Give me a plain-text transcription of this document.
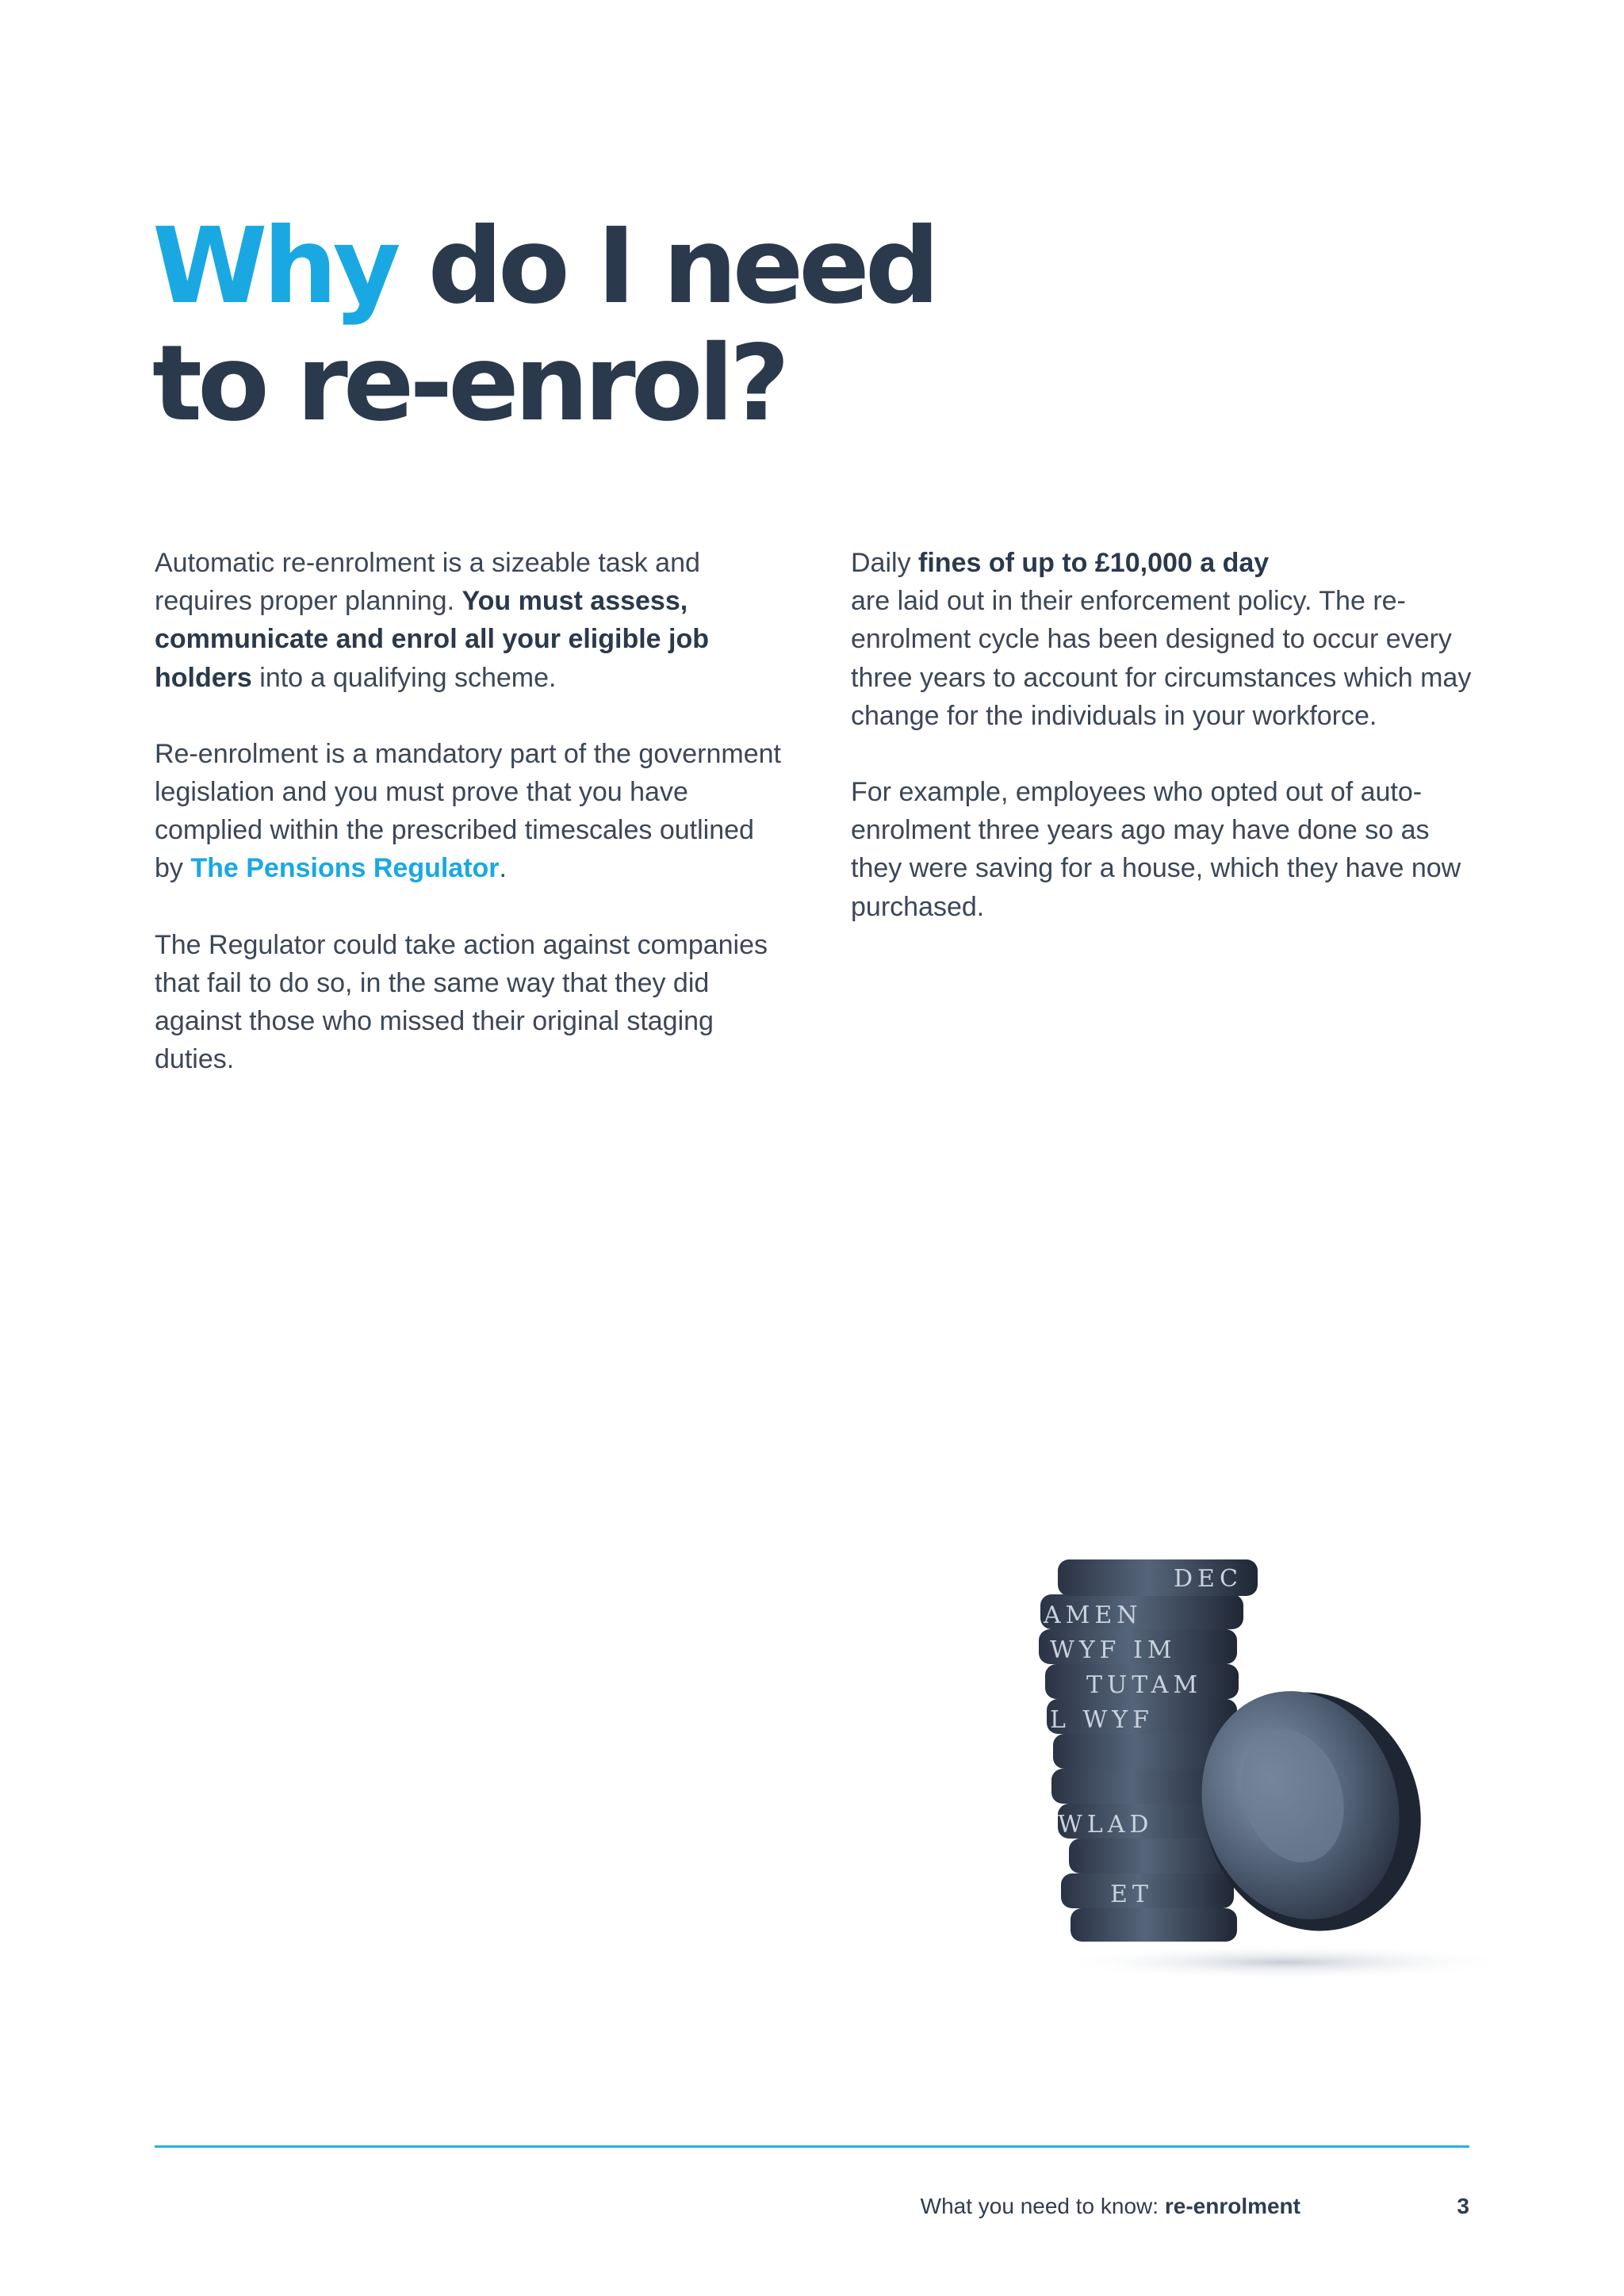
Why do I need
to re-enrol?

Automatic re-enrolment is a sizeable task and requires proper planning. You must assess, communicate and enrol all your eligible job holders into a qualifying scheme.

Re-enrolment is a mandatory part of the government legislation and you must prove that you have complied within the prescribed timescales outlined by The Pensions Regulator.

The Regulator could take action against companies that fail to do so, in the same way that they did against those who missed their original staging duties.

Daily fines of up to £10,000 a day
are laid out in their enforcement policy. The re-enrolment cycle has been designed to occur every three years to account for circumstances which may change for the individuals in your workforce.

For example, employees who opted out of auto-enrolment three years ago may have done so as they were saving for a house, which they have now purchased.

DEC
AMEN
WYF IM
TUTAM
L WYF
WLAD
ET
What you need to know: re-enrolment	3
